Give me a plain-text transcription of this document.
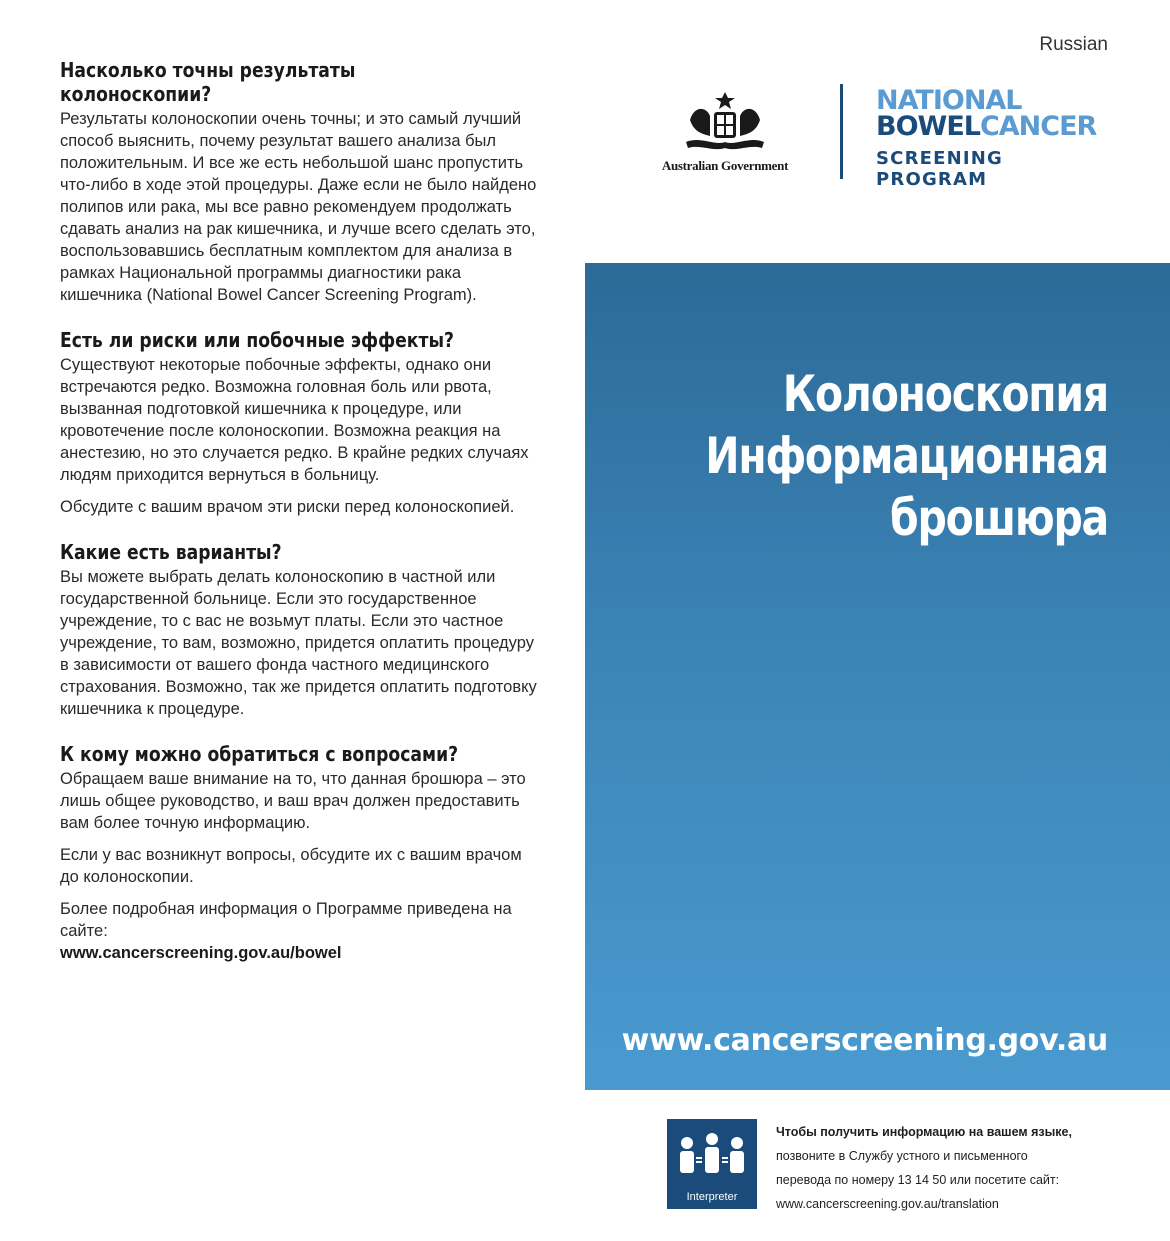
Насколько точны результаты
колоноскопии?

Результаты колоноскопии очень точны; и это самый лучший способ выяснить, почему результат вашего анализа был положительным. И все же есть небольшой шанс пропустить что-либо в ходе этой процедуры. Даже если не было найдено полипов или рака, мы все равно рекомендуем продолжать сдавать анализ на рак кишечника, и лучше всего сделать это, воспользовавшись бесплатным комплектом для анализа в рамках Национальной программы диагностики рака кишечника (National Bowel Cancer Screening Program).

Есть ли риски или побочные эффекты?

Существуют некоторые побочные эффекты, однако они встречаются редко. Возможна головная боль или рвота, вызванная подготовкой кишечника к процедуре, или кровотечение после колоноскопии. Возможна реакция на анестезию, но это случается редко. В крайне редких случаях людям приходится вернуться в больницу.

Обсудите с вашим врачом эти риски перед колоноскопией.

Какие есть варианты?

Вы можете выбрать делать колоноскопию в частной или государственной больнице. Если это государственное учреждение, то с вас не возьмут платы. Если это частное учреждение, то вам, возможно, придется оплатить процедуру в зависимости от вашего фонда частного медицинского страхования. Возможно, так же придется оплатить подготовку кишечника к процедуре.

К кому можно обратиться с вопросами?

Обращаем ваше внимание на то, что данная брошюра – это лишь общее руководство, и ваш врач должен предоставить вам более точную информацию.

Если у вас возникнут вопросы, обсудите их с вашим врачом до колоноскопии.

Более подробная информация о Программе приведена на сайте:
www.cancerscreening.gov.au/bowel

Russian
Australian Government
NATIONAL
BOWELCANCER
SCREENING PROGRAM
Колоноскопия
Информационная
брошюра
www.cancerscreening.gov.au
Interpreter
Чтобы получить информацию на вашем языке,
позвоните в Службу устного и письменного
перевода по номеру 13 14 50 или посетите сайт:
www.cancerscreening.gov.au/translation
